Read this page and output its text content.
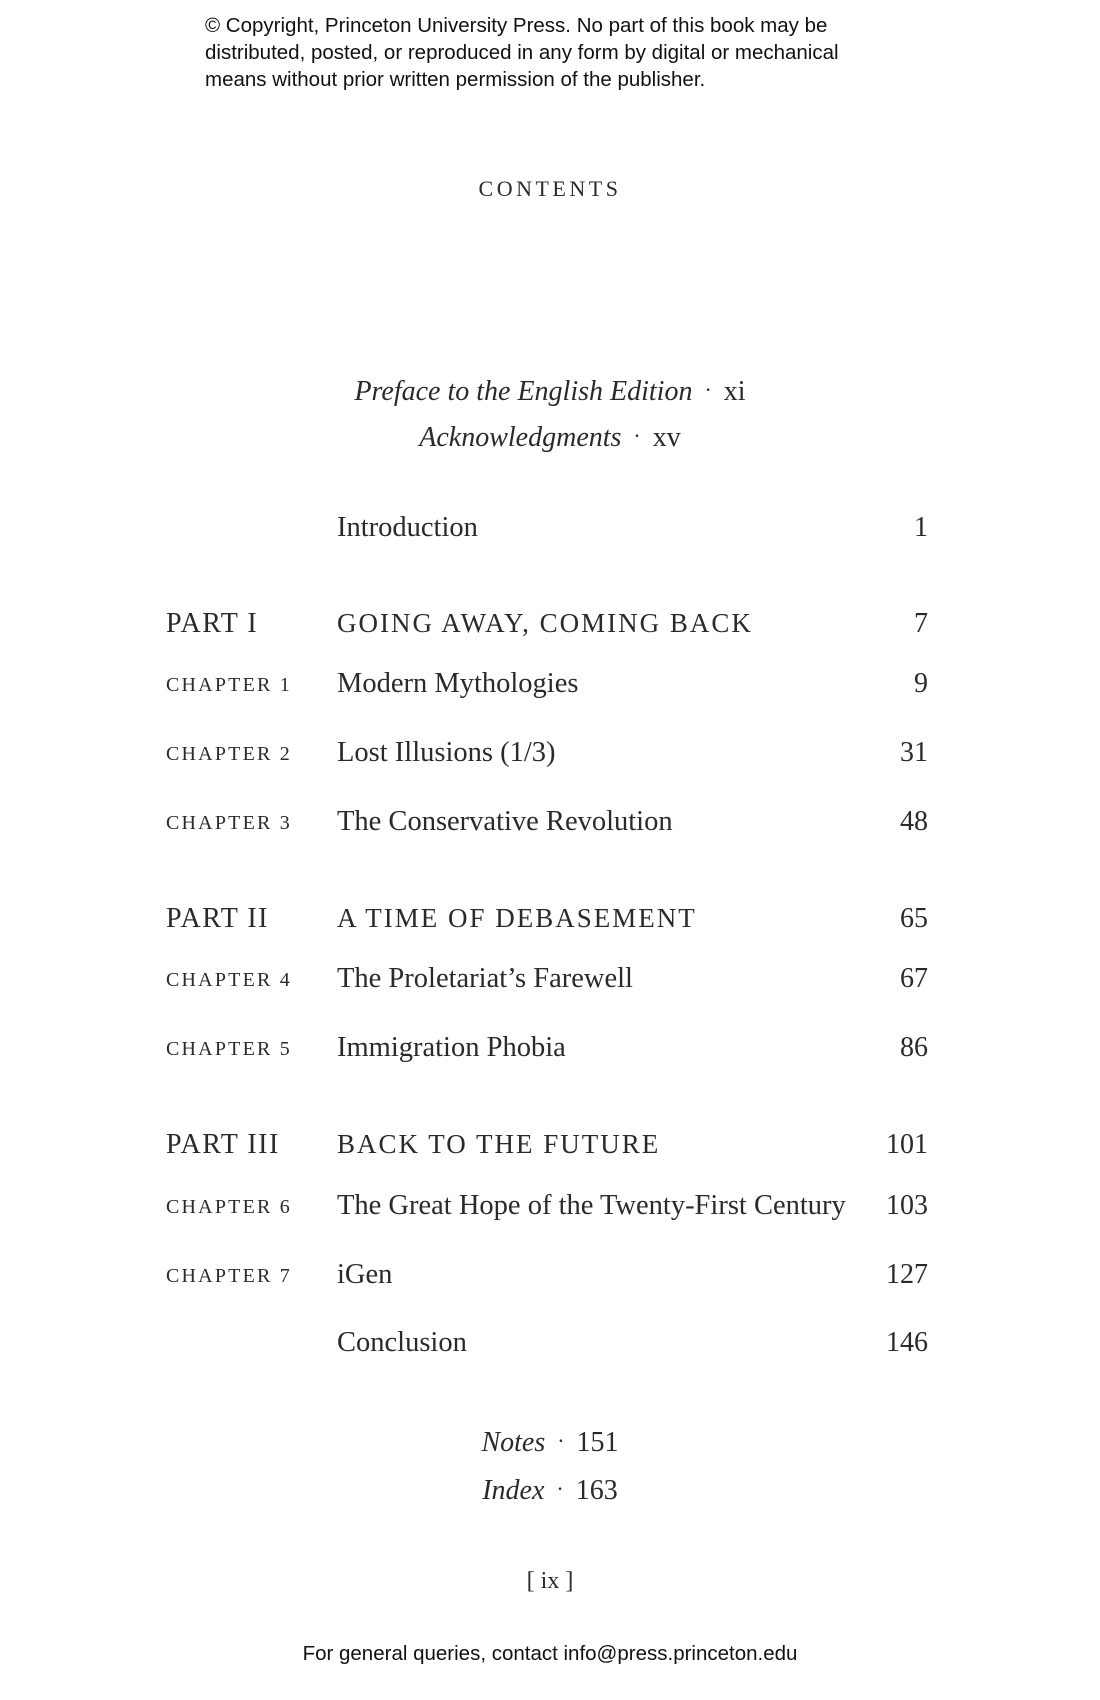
© Copyright, Princeton University Press. No part of this book may be
distributed, posted, or reproduced in any form by digital or mechanical
means without prior written permission of the publisher.
CONTENTS
Preface to the English Edition · xi
Acknowledgments · xv
Introduction	1
PART I	GOING AWAY, COMING BACK	7
CHAPTER 1 Modern Mythologies	9
CHAPTER 2 Lost Illusions (1/3)	31
CHAPTER 3 The Conservative Revolution	48
PART II	A TIME OF DEBASEMENT	65
CHAPTER 4 The Proletariat’s Farewell	67
CHAPTER 5 Immigration Phobia	86
PART III BACK TO THE FUTURE	101
CHAPTER 6 The Great Hope of the Twenty-First Century 103
CHAPTER 7 iGen	127
Conclusion	146
Notes · 151
Index · 163
[ ix ]
For general queries, contact info@press.princeton.edu
